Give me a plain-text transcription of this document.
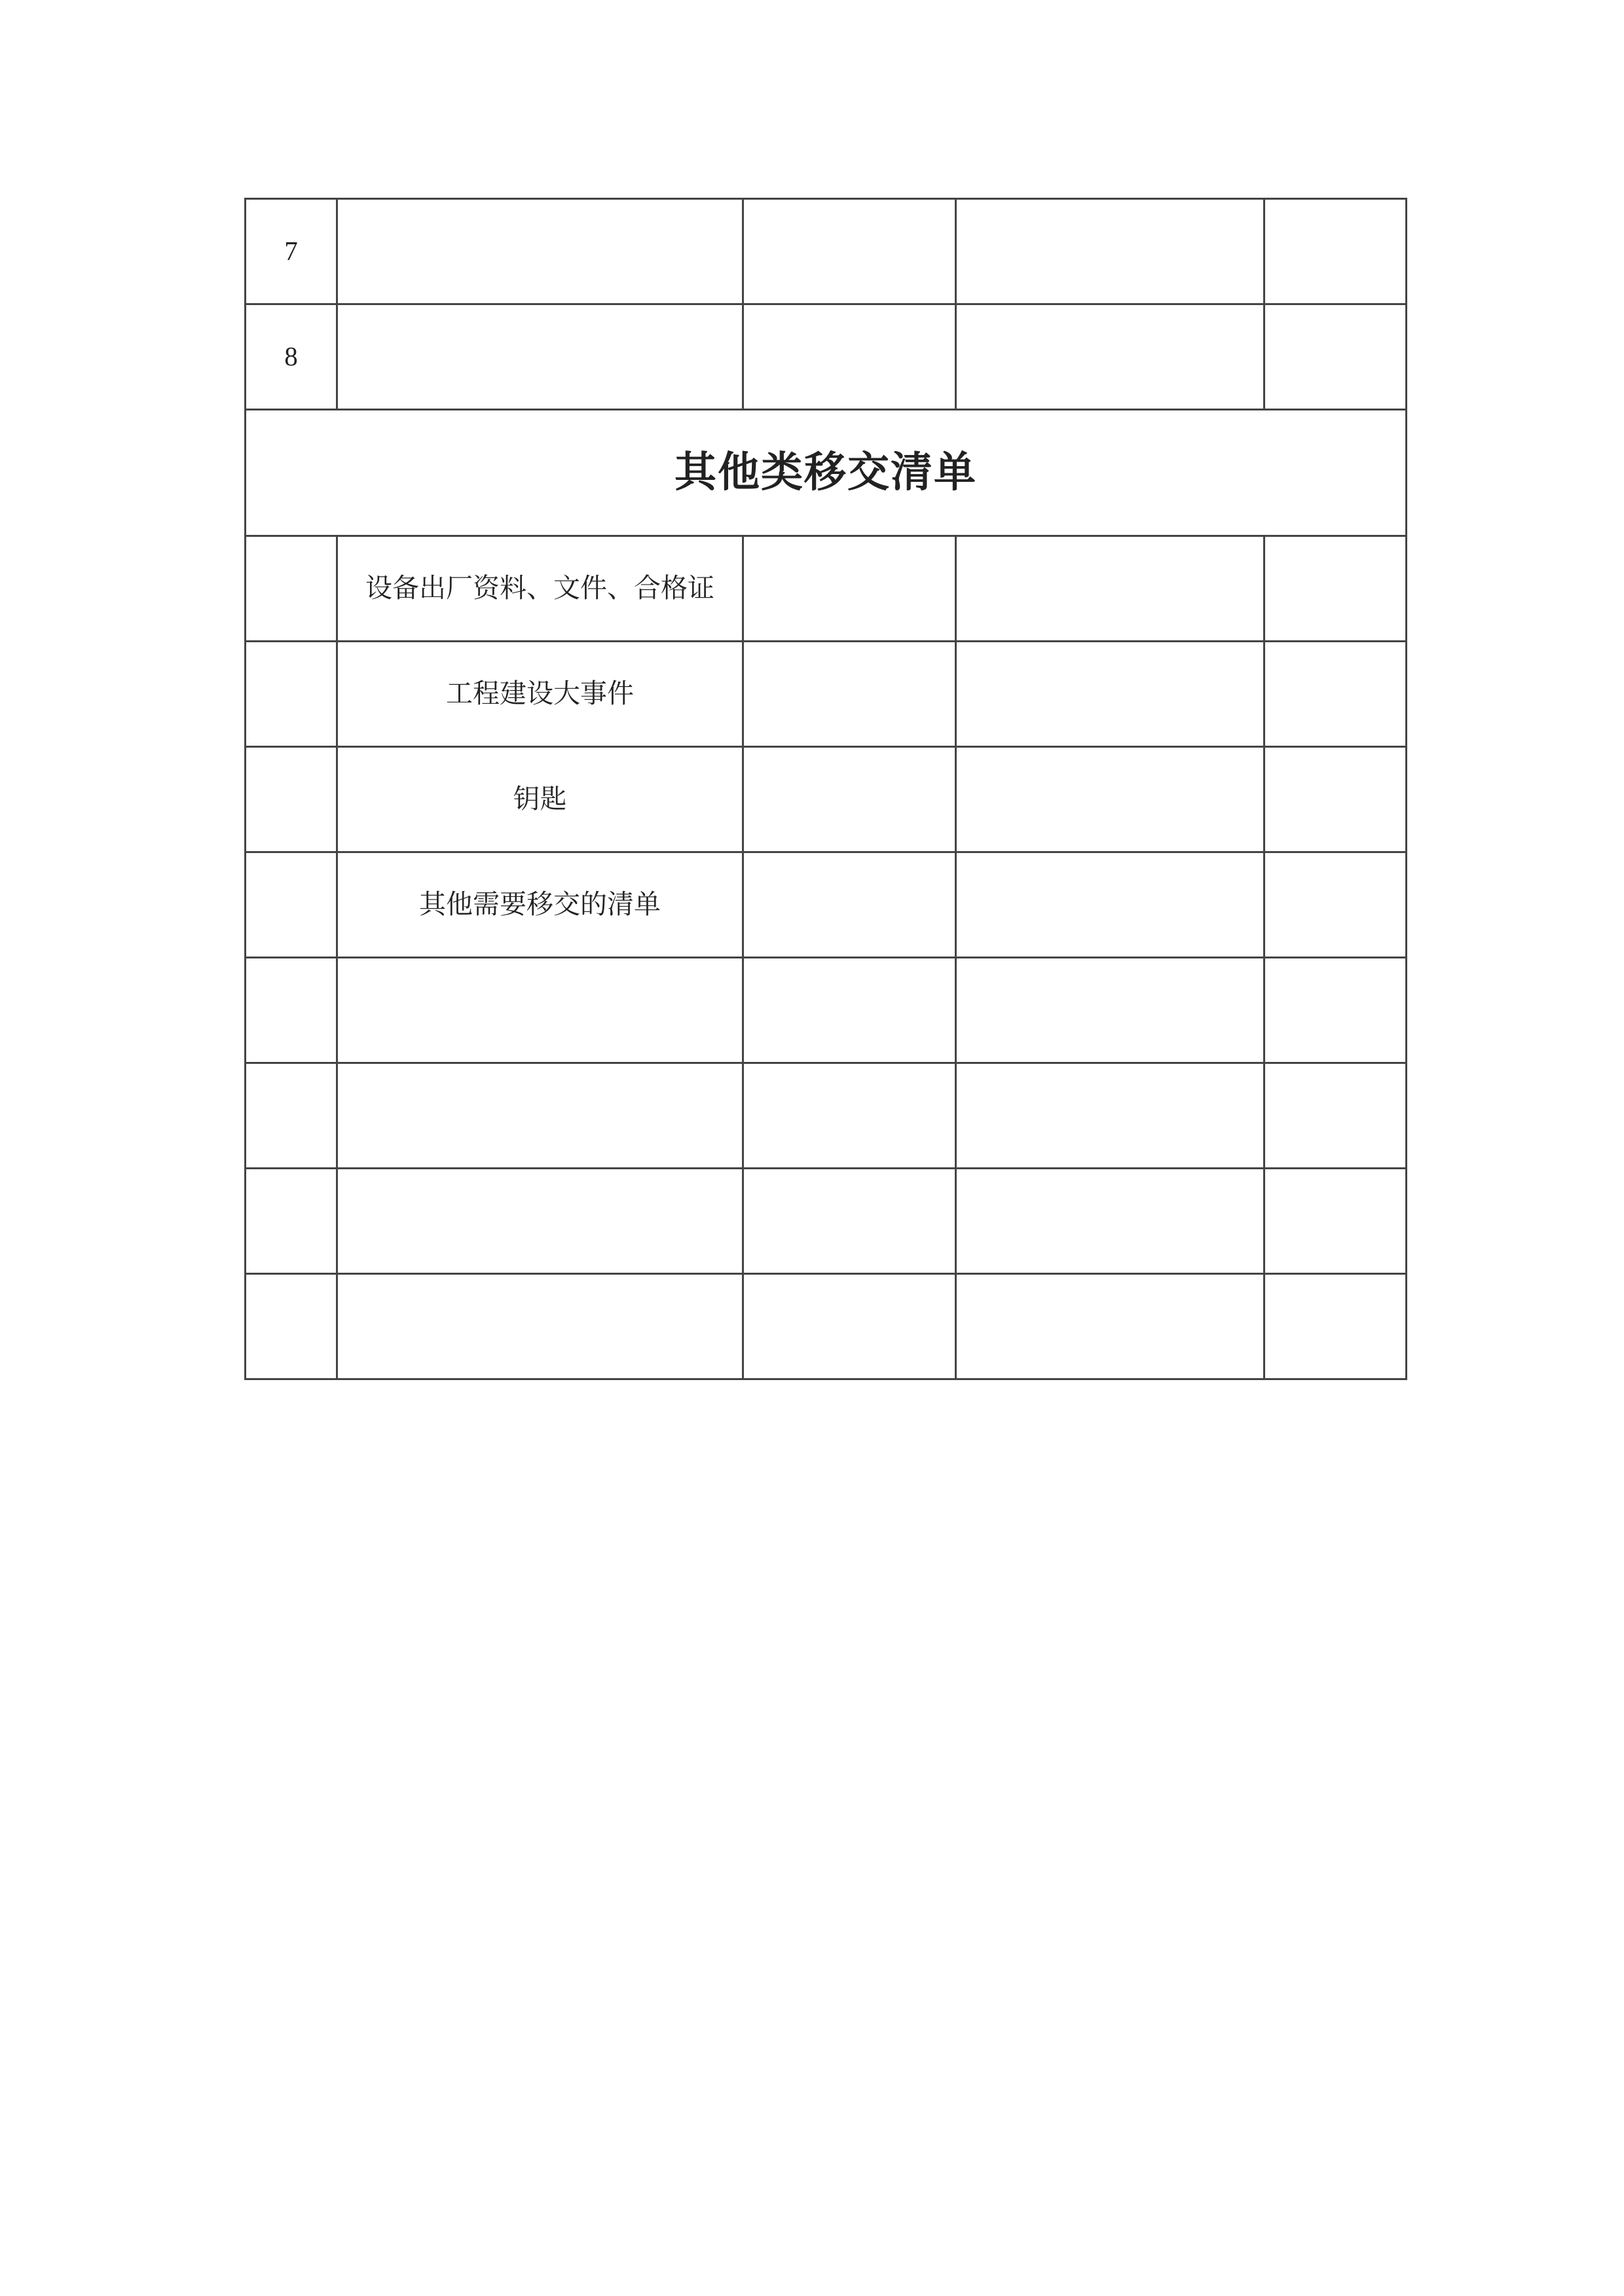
7				
8				
其他类移交清单				
	设备出厂资料、文件、合格证			
	工程建设大事件			
	钥匙			
	其他需要移交的清单			
